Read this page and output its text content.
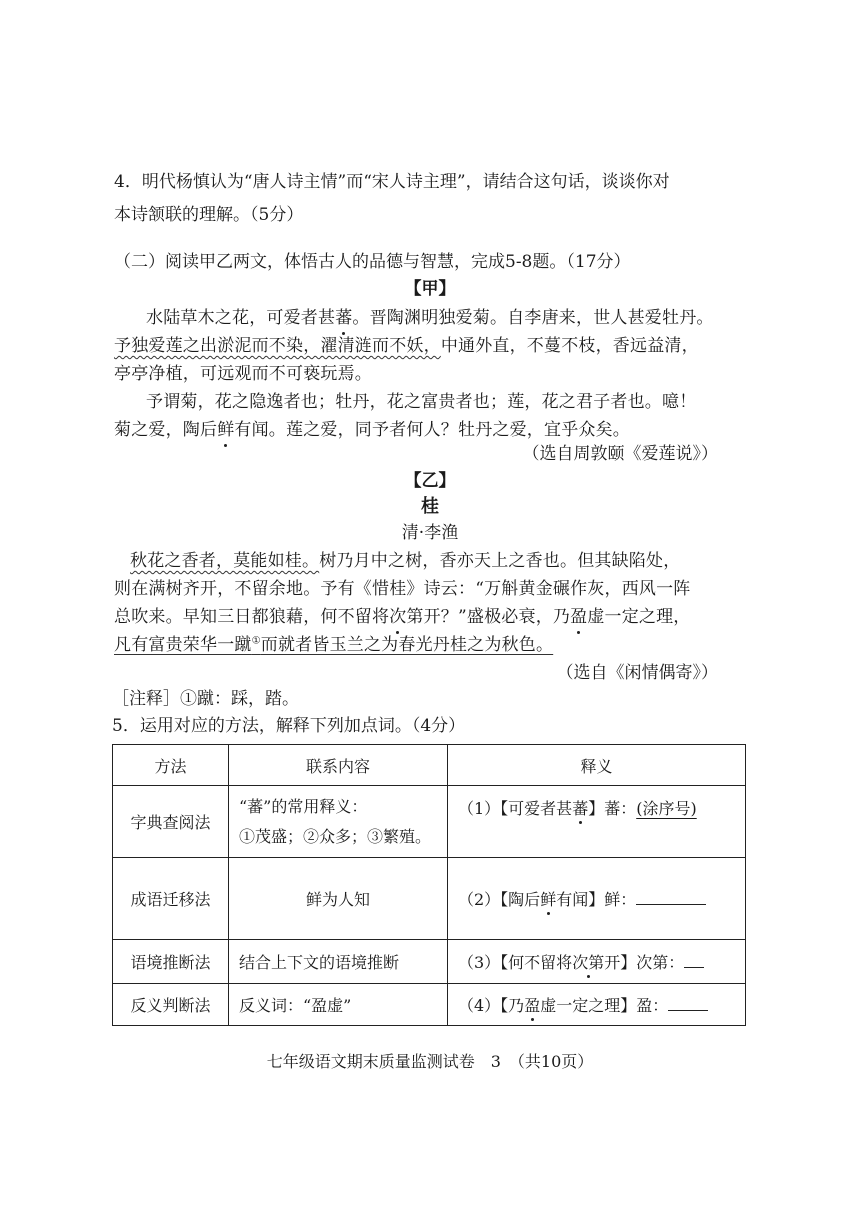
4．明代杨慎认为“唐人诗主情”而“宋人诗主理”，请结合这句话，谈谈你对
本诗颔联的理解。（5分）
（二）阅读甲乙两文，体悟古人的品德与智慧，完成5-8题。（17分）
【甲】
水陆草木之花，可爱者甚蕃。晋陶渊明独爱菊。自李唐来，世人甚爱牡丹。
予独爱莲之出淤泥而不染，濯清涟而不妖，中通外直，不蔓不枝，香远益清，
亭亭净植，可远观而不可亵玩焉。
予谓菊，花之隐逸者也；牡丹，花之富贵者也；莲，花之君子者也。噫！
菊之爱，陶后鲜有闻。莲之爱，同予者何人？牡丹之爱，宜乎众矣。
（选自周敦颐《爱莲说》）
【乙】
桂
清·李渔
秋花之香者，莫能如桂。树乃月中之树，香亦天上之香也。但其缺陷处，
则在满树齐开，不留余地。予有《惜桂》诗云：“万斛黄金碾作灰，西风一阵
总吹来。早知三日都狼藉，何不留将次第开？”盛极必衰，乃盈虚一定之理，
凡有富贵荣华一蹴①而就者皆玉兰之为春光丹桂之为秋色。
（选自《闲情偶寄》）
［注释］①蹴：踩，踏。
5．运用对应的方法，解释下列加点词。（4分）
方法	联系内容	释义
字典查阅法	“蕃”的常用释义：
①茂盛；②众多；③繁殖。	（1）【可爱者甚蕃】蕃：(涂序号)
成语迁移法	鲜为人知	（2）【陶后鲜有闻】鲜：
语境推断法	结合上下文的语境推断	（3）【何不留将次第开】次第：
反义判断法	反义词：“盈虚”	（4）【乃盈虚一定之理】盈：
七年级语文期末质量监测试卷　3　（共10页）
